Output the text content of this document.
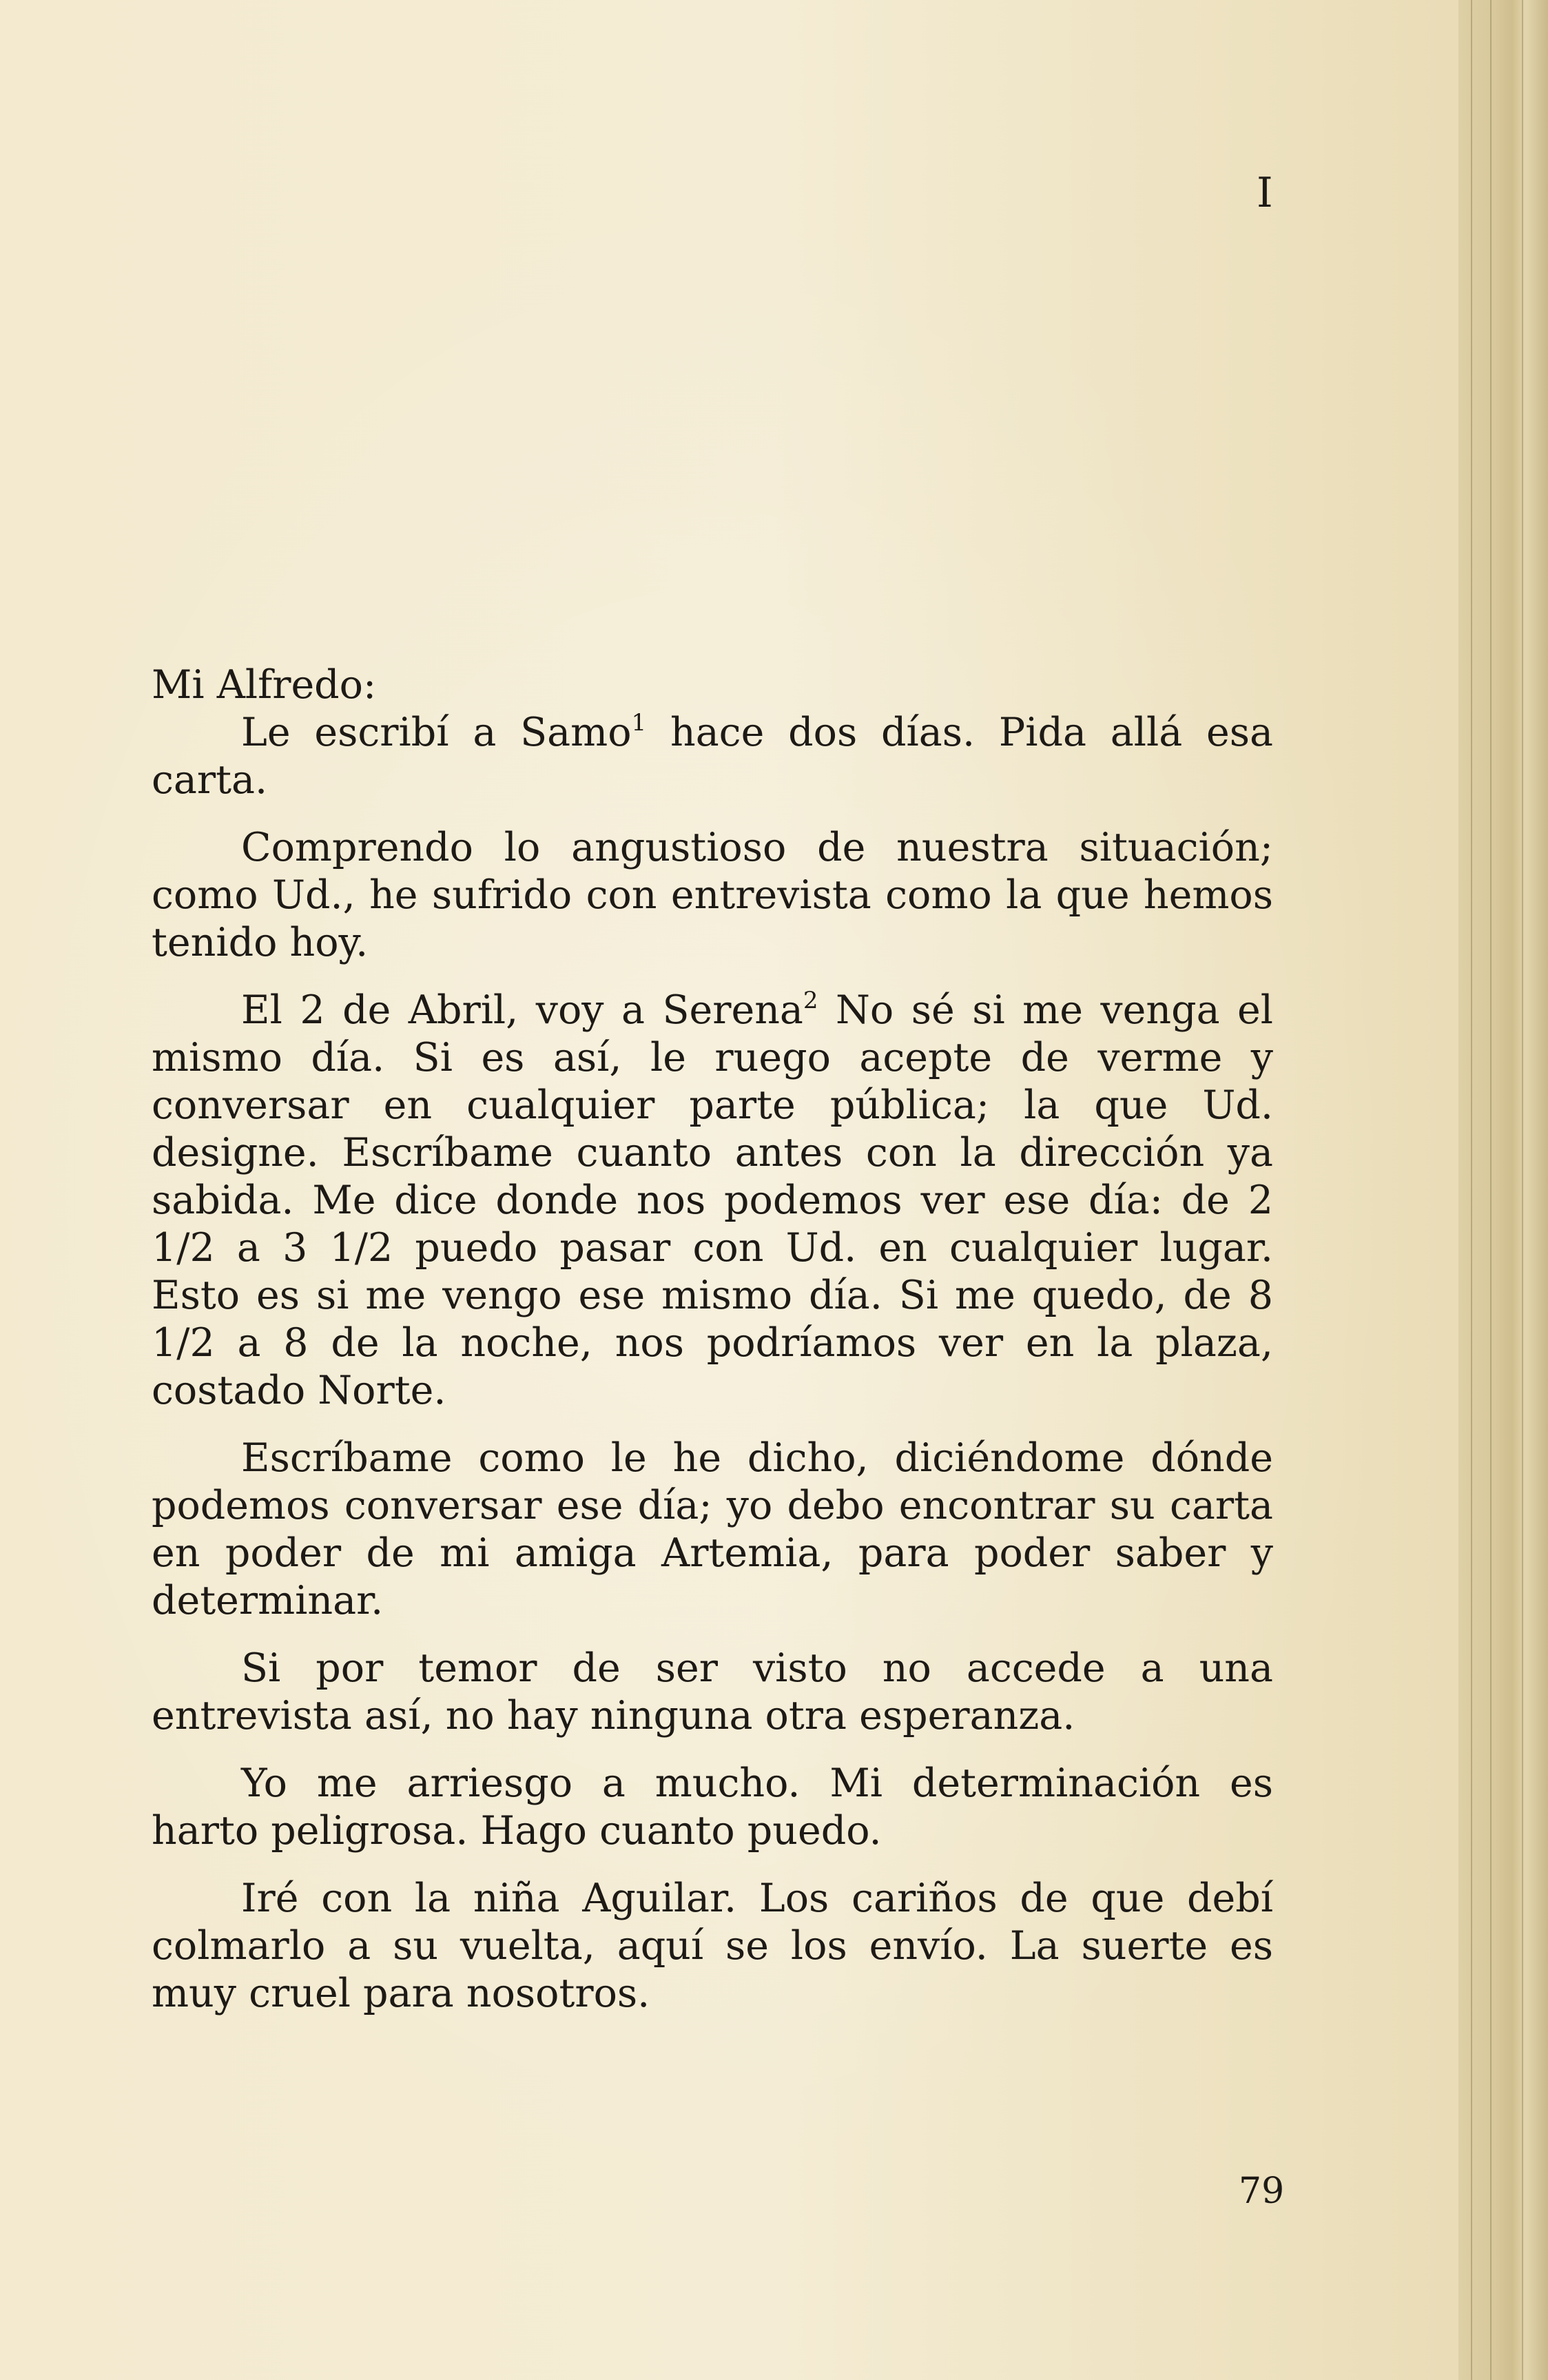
I

Mi Alfredo:

Le escribí a Samo$^1$ hace dos días. Pida allá esa carta.

Comprendo lo angustioso de nuestra situación; como Ud., he sufrido con entrevista como la que hemos tenido hoy.

El 2 de Abril, voy a Serena$^2$ No sé si me venga el mismo día. Si es así, le ruego acepte de verme y conversar en cualquier parte pública; la que Ud. designe. Escríbame cuanto antes con la dirección ya sabida. Me dice donde nos podemos ver ese día: de 2 1/2 a 3 1/2 puedo pasar con Ud. en cualquier lugar. Esto es si me vengo ese mismo día. Si me quedo, de 8 1/2 a 8 de la noche, nos podríamos ver en la plaza, costado Norte.

Escríbame como le he dicho, diciéndome dónde podemos conversar ese día; yo debo encontrar su carta en poder de mi amiga Artemia, para poder saber y determinar.

Si por temor de ser visto no accede a una entrevista así, no hay ninguna otra esperanza.

Yo me arriesgo a mucho. Mi determinación es harto peligrosa. Hago cuanto puedo.

Iré con la niña Aguilar. Los cariños de que debí colmarlo a su vuelta, aquí se los envío. La suerte es muy cruel para nosotros.

79
